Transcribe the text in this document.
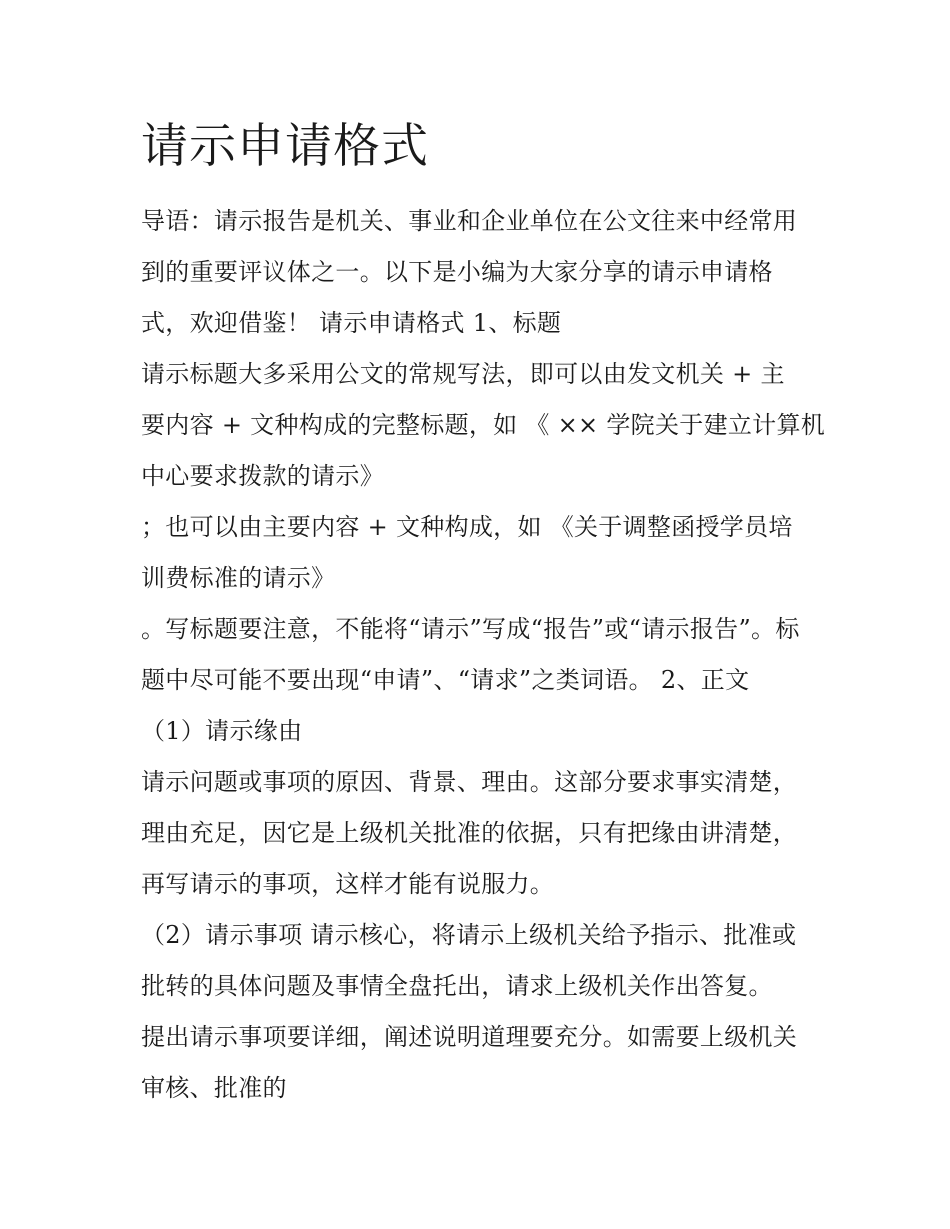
请示申请格式
导语：请示报告是机关、事业和企业单位在公文往来中经常用
到的重要评议体之一。以下是小编为大家分享的请示申请格
式，欢迎借鉴！ 请示申请格式 1、标题
请示标题大多采用公文的常规写法，即可以由发文机关 + 主
要内容 + 文种构成的完整标题，如 《 ×× 学院关于建立计算机
中心要求拨款的请示》
；也可以由主要内容 + 文种构成，如 《关于调整函授学员培
训费标准的请示》
。写标题要注意，不能将“请示”写成“报告”或“请示报告”。标
题中尽可能不要出现“申请”、“请求”之类词语。 2、正文
（1）请示缘由
请示问题或事项的原因、背景、理由。这部分要求事实清楚，
理由充足，因它是上级机关批准的依据，只有把缘由讲清楚，
再写请示的事项，这样才能有说服力。
（2）请示事项 请示核心，将请示上级机关给予指示、批准或
批转的具体问题及事情全盘托出，请求上级机关作出答复。
提出请示事项要详细，阐述说明道理要充分。如需要上级机关
审核、批准的
